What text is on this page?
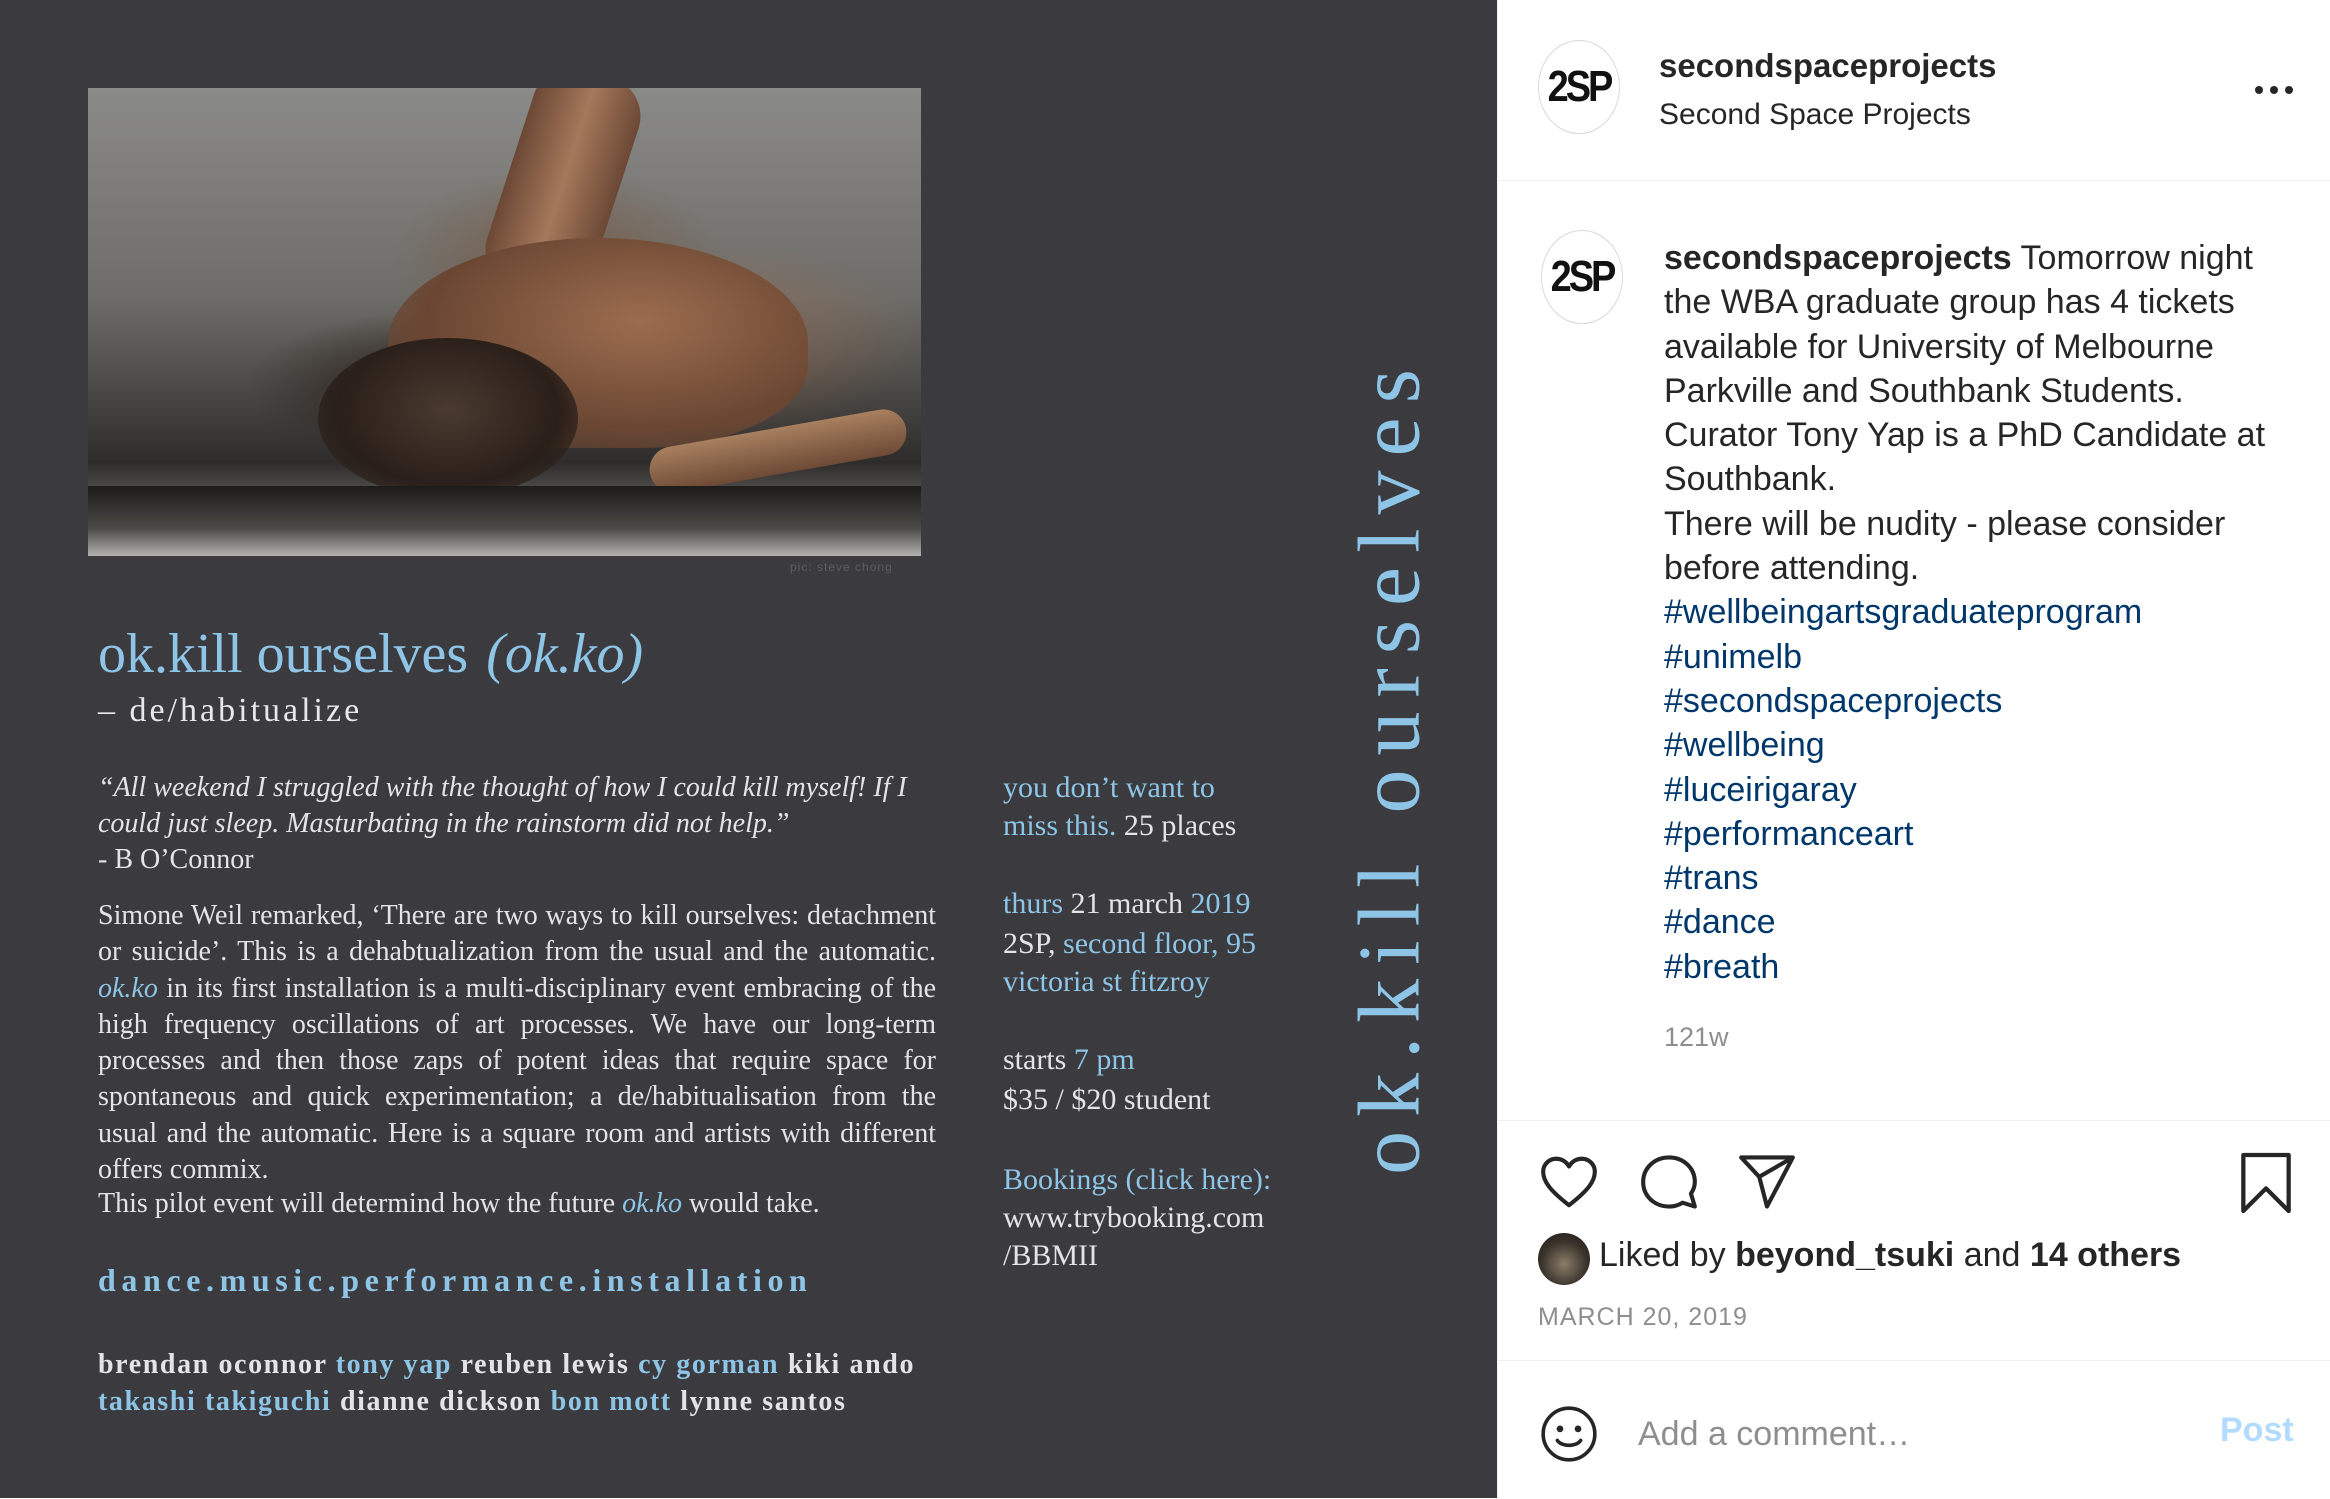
pic: steve chong
ok.kill ourselves (ok.ko)
– de/habitualize
“All weekend I struggled with the thought of how I could kill myself! If I could just sleep. Masturbating in the rainstorm did not help.”
- B O’Connor
Simone Weil remarked, ‘There are two ways to kill ourselves: detachment or suicide’. This is a dehabtualization from the usual and the automatic. ok.ko in its first installation is a multi-disciplinary event embracing of the high frequency oscillations of art processes. We have our long-term processes and then those zaps of potent ideas that require space for spontaneous and quick experimentation; a de/habitualisation from the usual and the automatic. Here is a square room and artists with different offers commix.
This pilot event will determind how the future ok.ko would take.
dance.music.performance.installation
brendan oconnor tony yap reuben lewis cy gorman kiki ando takashi takiguchi dianne dickson bon mott lynne santos
you don’t want to
miss this. 25 places
thurs 21 march 2019
2SP, second floor, 95
victoria st fitzroy
starts 7 pm
$35 / $20 student
Bookings (click here):
www.trybooking.com
/BBMII
ok.kill ourselves
2SP secondspaceprojects
Second Space Projects
2SP secondspaceprojects Tomorrow night the WBA graduate group has 4 tickets available for University of Melbourne Parkville and Southbank Students.
Curator Tony Yap is a PhD Candidate at Southbank.
There will be nudity - please consider before attending.
#wellbeingartsgraduateprogram
#unimelb
#secondspaceprojects
#wellbeing
#luceirigaray
#performanceart
#trans
#dance
#breath
121w
Liked by beyond_tsuki and 14 others
MARCH 20, 2019
Add a comment…
Post
